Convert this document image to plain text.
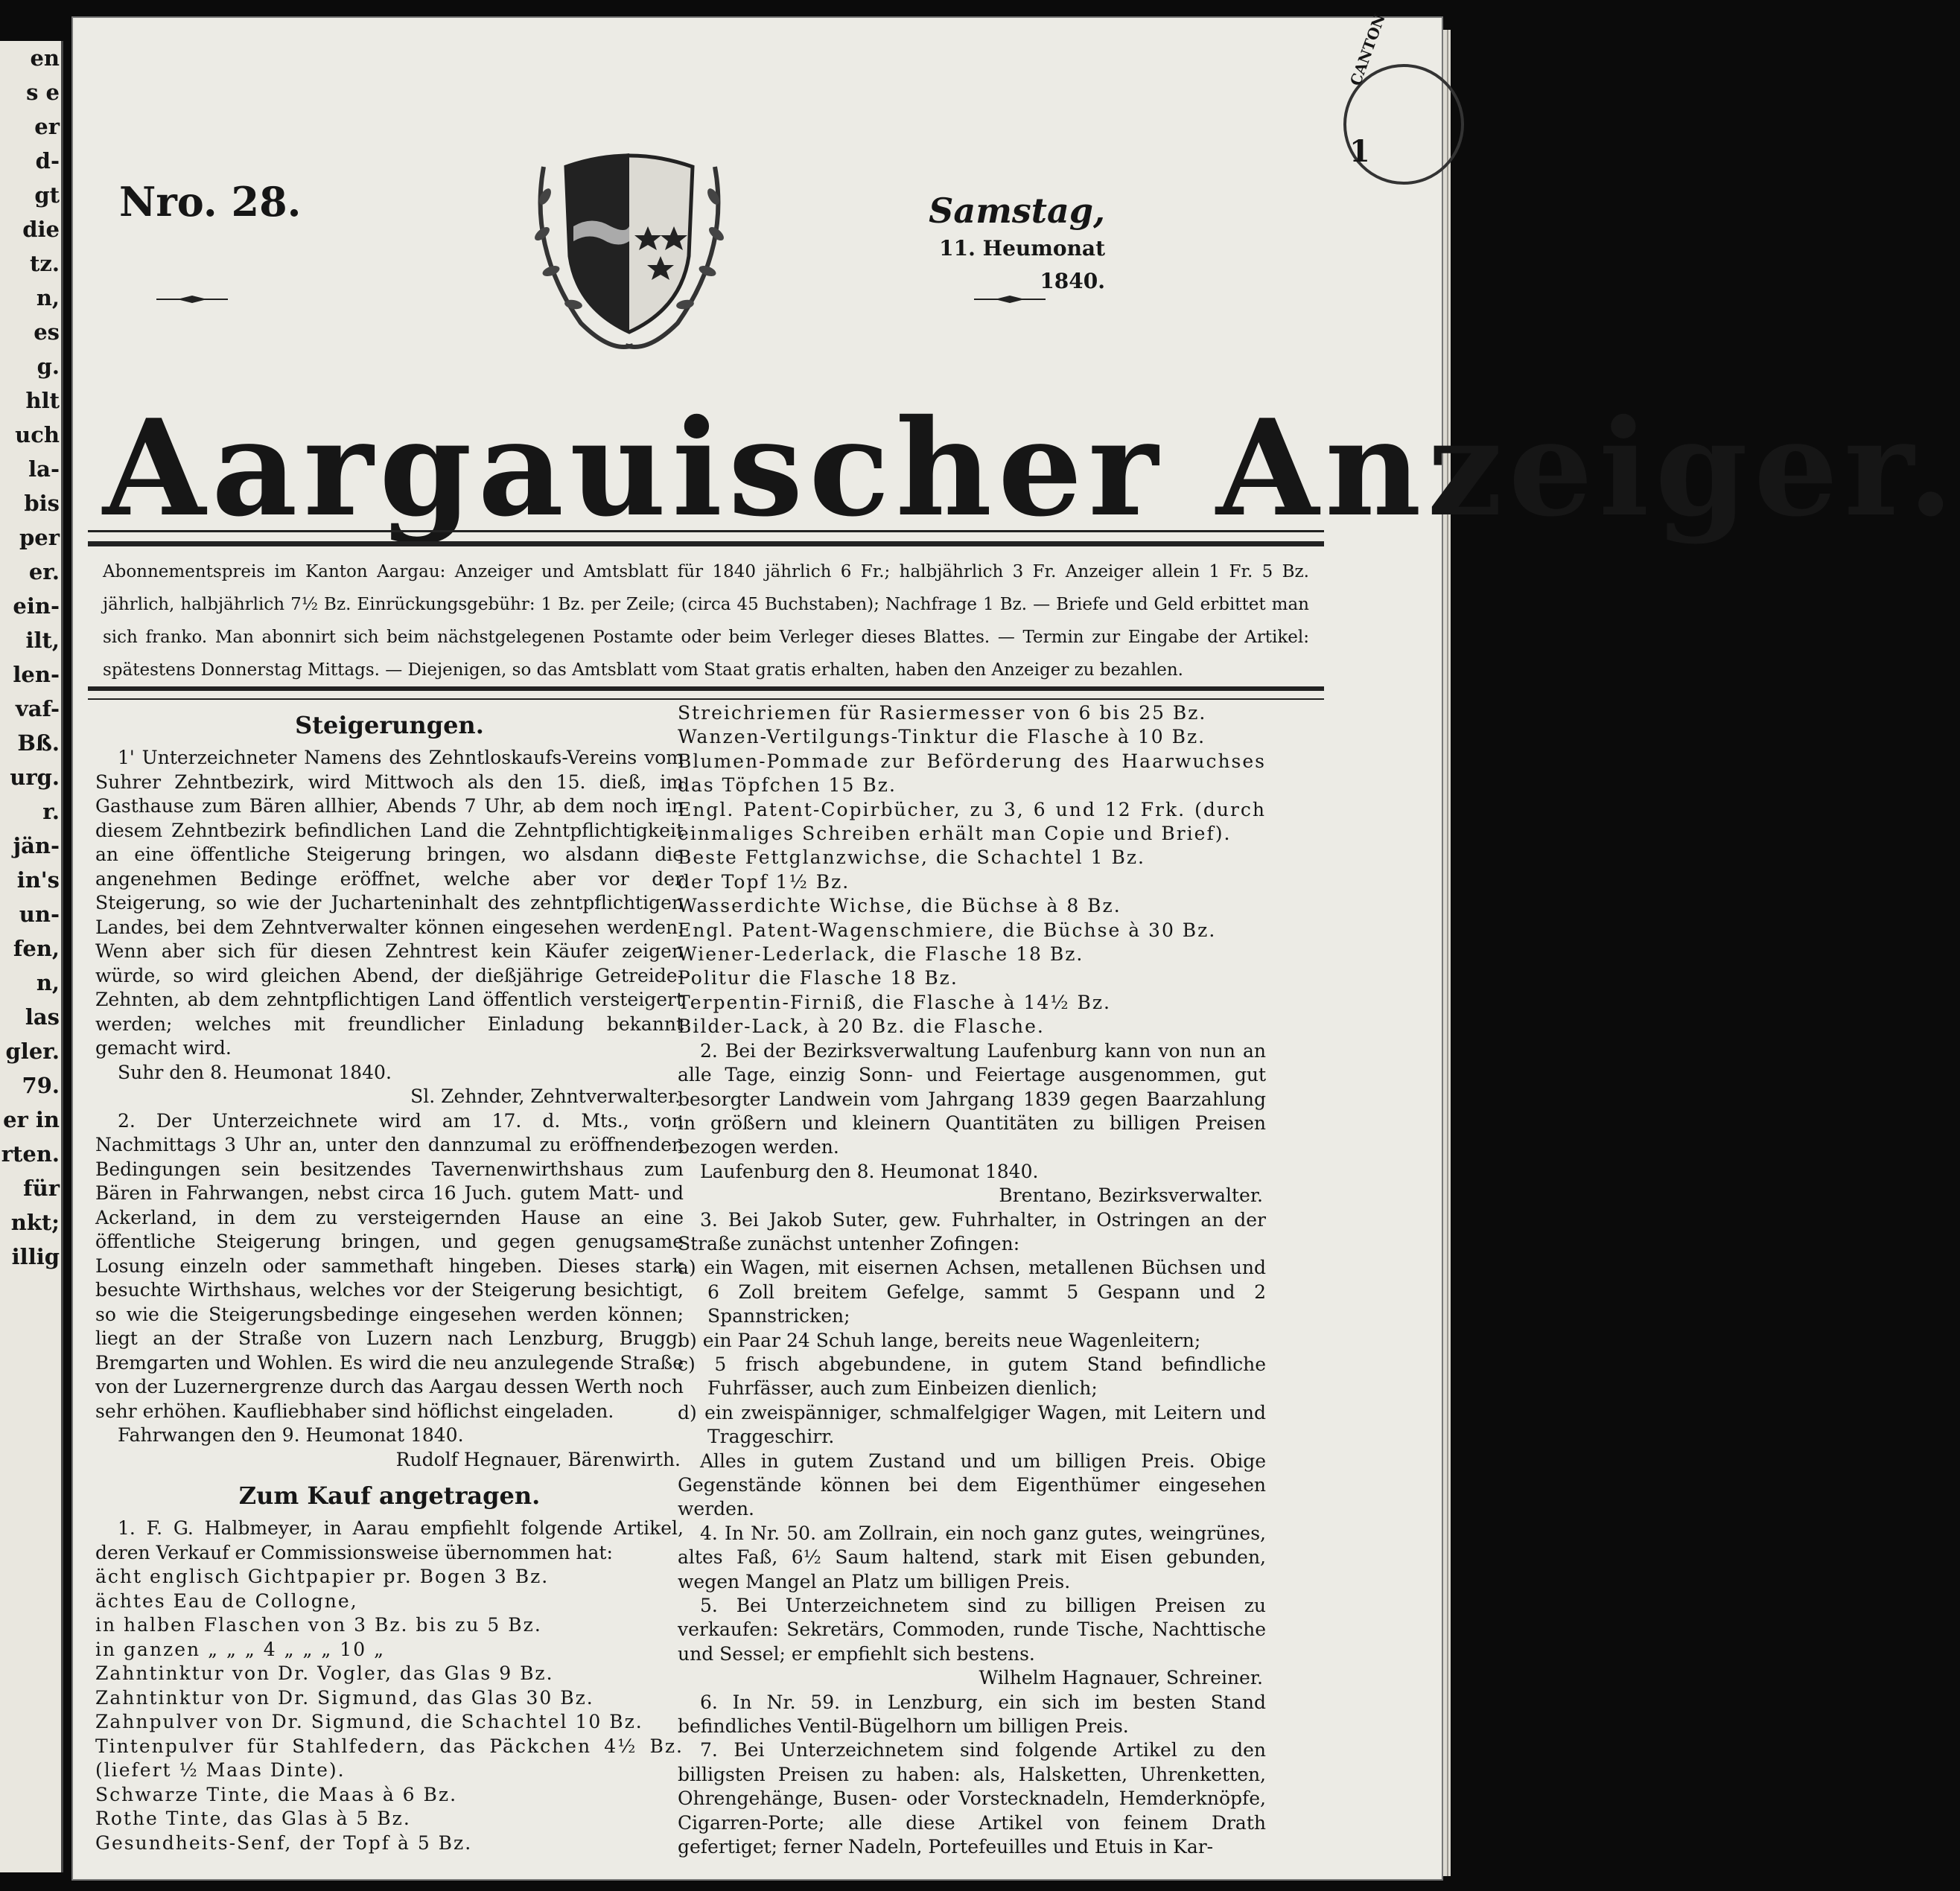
en
s e
er
d-
gt
die
tz.
n,
es
g.
hlt
uch
la-
bis
per
er.
ein-
ilt,
len-
vaf-
Bß.
urg.
r.
jän-
in's
un-
fen,
n,
las
gler.
79.
er in
rten.
für
nkt;
illig
Nro. 28.	Samstag,
11. Heumonat 1840.
CANTON
1
Aargauischer Anzeiger.
Abonnementspreis im Kanton Aargau: Anzeiger und Amtsblatt für 1840 jährlich 6 Fr.; halbjährlich 3 Fr. Anzeiger allein 1 Fr. 5 Bz. jährlich, halbjährlich 7½ Bz. Einrückungsgebühr: 1 Bz. per Zeile; (circa 45 Buchstaben); Nachfrage 1 Bz. — Briefe und Geld erbittet man sich franko. Man abonnirt sich beim nächstgelegenen Postamte oder beim Verleger dieses Blattes. — Termin zur Eingabe der Artikel: spätestens Donnerstag Mittags. — Diejenigen, so das Amtsblatt vom Staat gratis erhalten, haben den Anzeiger zu bezahlen.
Steigerungen.

1' Unterzeichneter Namens des Zehntloskaufs-Vereins vom Suhrer Zehntbezirk, wird Mittwoch als den 15. dieß, im Gasthause zum Bären allhier, Abends 7 Uhr, ab dem noch in diesem Zehntbezirk befindlichen Land die Zehntpflichtigkeit an eine öffentliche Steigerung bringen, wo alsdann die angenehmen Bedinge eröffnet, welche aber vor der Steigerung, so wie der Jucharteninhalt des zehntpflichtigen Landes, bei dem Zehntverwalter können eingesehen werden. Wenn aber sich für diesen Zehntrest kein Käufer zeigen würde, so wird gleichen Abend, der dießjährige Getreide-Zehnten, ab dem zehntpflichtigen Land öffentlich versteigert werden; welches mit freundlicher Einladung bekannt gemacht wird.

Suhr den 8. Heumonat 1840.

Sl. Zehnder, Zehntverwalter.

2. Der Unterzeichnete wird am 17. d. Mts., von Nachmittags 3 Uhr an, unter den dannzumal zu eröffnenden Bedingungen sein besitzendes Tavernenwirthshaus zum Bären in Fahrwangen, nebst circa 16 Juch. gutem Matt- und Ackerland, in dem zu versteigernden Hause an eine öffentliche Steigerung bringen, und gegen genugsame Losung einzeln oder sammethaft hingeben. Dieses stark besuchte Wirthshaus, welches vor der Steigerung besichtigt, so wie die Steigerungsbedinge eingesehen werden können; liegt an der Straße von Luzern nach Lenzburg, Brugg, Bremgarten und Wohlen. Es wird die neu anzulegende Straße von der Luzernergrenze durch das Aargau dessen Werth noch sehr erhöhen. Kaufliebhaber sind höflichst eingeladen.

Fahrwangen den 9. Heumonat 1840.

Rudolf Hegnauer, Bärenwirth.

Zum Kauf angetragen.

1. F. G. Halbmeyer, in Aarau empfiehlt folgende Artikel, deren Verkauf er Commissionsweise übernommen hat:

ächt englisch Gichtpapier pr. Bogen 3 Bz.
ächtes Eau de Collogne,
in halben Flaschen von 3 Bz. bis zu 5 Bz.
in ganzen „ „ „ 4 „ „ „ 10 „
Zahntinktur von Dr. Vogler, das Glas 9 Bz.
Zahntinktur von Dr. Sigmund, das Glas 30 Bz.
Zahnpulver von Dr. Sigmund, die Schachtel 10 Bz.
Tintenpulver für Stahlfedern, das Päckchen 4½ Bz. (liefert ½ Maas Dinte).
Schwarze Tinte, die Maas à 6 Bz.
Rothe Tinte, das Glas à 5 Bz.
Gesundheits-Senf, der Topf à 5 Bz.
Streichriemen für Rasiermesser von 6 bis 25 Bz.
Wanzen-Vertilgungs-Tinktur die Flasche à 10 Bz.
Blumen-Pommade zur Beförderung des Haarwuchses das Töpfchen 15 Bz.
Engl. Patent-Copirbücher, zu 3, 6 und 12 Frk. (durch einmaliges Schreiben erhält man Copie und Brief).
Beste Fettglanzwichse, die Schachtel 1 Bz.
der Topf 1½ Bz.
Wasserdichte Wichse, die Büchse à 8 Bz.
Engl. Patent-Wagenschmiere, die Büchse à 30 Bz.
Wiener-Lederlack, die Flasche 18 Bz.
Politur die Flasche 18 Bz.
Terpentin-Firniß, die Flasche à 14½ Bz.
Bilder-Lack, à 20 Bz. die Flasche.

2. Bei der Bezirksverwaltung Laufenburg kann von nun an alle Tage, einzig Sonn- und Feiertage ausgenommen, gut besorgter Landwein vom Jahrgang 1839 gegen Baarzahlung in größern und kleinern Quantitäten zu billigen Preisen bezogen werden.

Laufenburg den 8. Heumonat 1840.

Brentano, Bezirksverwalter.

3. Bei Jakob Suter, gew. Fuhrhalter, in Ostringen an der Straße zunächst untenher Zofingen:

a) ein Wagen, mit eisernen Achsen, metallenen Büchsen und 6 Zoll breitem Gefelge, sammt 5 Gespann und 2 Spannstricken;
b) ein Paar 24 Schuh lange, bereits neue Wagenleitern;
c) 5 frisch abgebundene, in gutem Stand befindliche Fuhrfässer, auch zum Einbeizen dienlich;
d) ein zweispänniger, schmalfelgiger Wagen, mit Leitern und Traggeschirr.

Alles in gutem Zustand und um billigen Preis. Obige Gegenstände können bei dem Eigenthümer eingesehen werden.

4. In Nr. 50. am Zollrain, ein noch ganz gutes, weingrünes, altes Faß, 6½ Saum haltend, stark mit Eisen gebunden, wegen Mangel an Platz um billigen Preis.

5. Bei Unterzeichnetem sind zu billigen Preisen zu verkaufen: Sekretärs, Commoden, runde Tische, Nachttische und Sessel; er empfiehlt sich bestens.

Wilhelm Hagnauer, Schreiner.

6. In Nr. 59. in Lenzburg, ein sich im besten Stand befindliches Ventil-Bügelhorn um billigen Preis.

7. Bei Unterzeichnetem sind folgende Artikel zu den billigsten Preisen zu haben: als, Halsketten, Uhrenketten, Ohrengehänge, Busen- oder Vorstecknadeln, Hemderknöpfe, Cigarren-Porte; alle diese Artikel von feinem Drath gefertiget; ferner Nadeln, Portefeuilles und Etuis in Kar-
